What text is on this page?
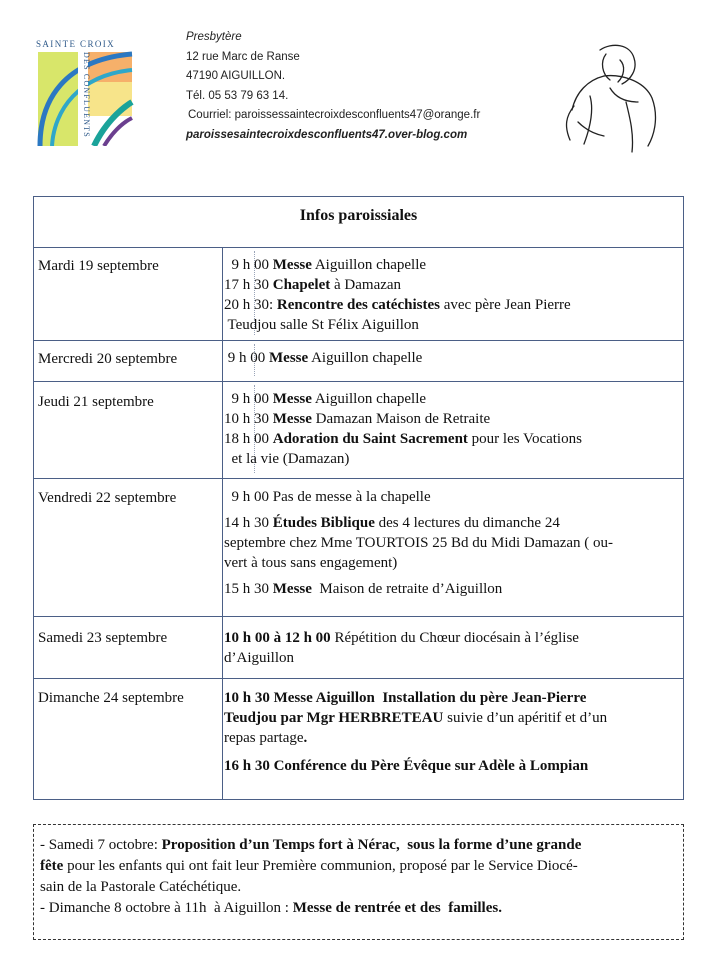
SAINTE CROIX
DES CONFLUENTS
Presbytère
12 rue Marc de Ranse
47190 AIGUILLON.
Tél. 05 53 79 63 14.
Courriel: paroissessaintecroixdesconfluents47@orange.fr
paroissesaintecroixdesconfluents47.over-blog.com
Infos paroissiales
Mardi 19 septembre	9 h 00 Messe Aiguillon chapelle
17 h 30 Chapelet à Damazan
20 h 30: Rencontre des catéchistes avec père Jean Pierre
Teudjou salle St Félix Aiguillon
Mercredi 20 septembre	9 h 00 Messe Aiguillon chapelle
Jeudi 21 septembre	9 h 00 Messe Aiguillon chapelle
10 h 30 Messe Damazan Maison de Retraite
18 h 00 Adoration du Saint Sacrement pour les Vocations
et la vie (Damazan)
Vendredi 22 septembre	9 h 00 Pas de messe à la chapelle
14 h 30 Études Biblique des 4 lectures du dimanche 24
septembre chez Mme TOURTOIS 25 Bd du Midi Damazan ( ou-
vert à tous sans engagement)
15 h 30 Messe  Maison de retraite d’Aiguillon
Samedi 23 septembre	10 h 00 à 12 h 00 Répétition du Chœur diocésain à l’église
d’Aiguillon
Dimanche 24 septembre	10 h 30 Messe Aiguillon  Installation du père Jean-Pierre
Teudjou par Mgr HERBRETEAU suivie d’un apéritif et d’un
repas partage.
16 h 30 Conférence du Père Évêque sur Adèle à Lompian
- Samedi 7 octobre: Proposition d’un Temps fort à Nérac,  sous la forme d’une grande
fête pour les enfants qui ont fait leur Première communion, proposé par le Service Diocé-
sain de la Pastorale Catéchétique.
- Dimanche 8 octobre à 11h  à Aiguillon : Messe de rentrée et des  familles.
